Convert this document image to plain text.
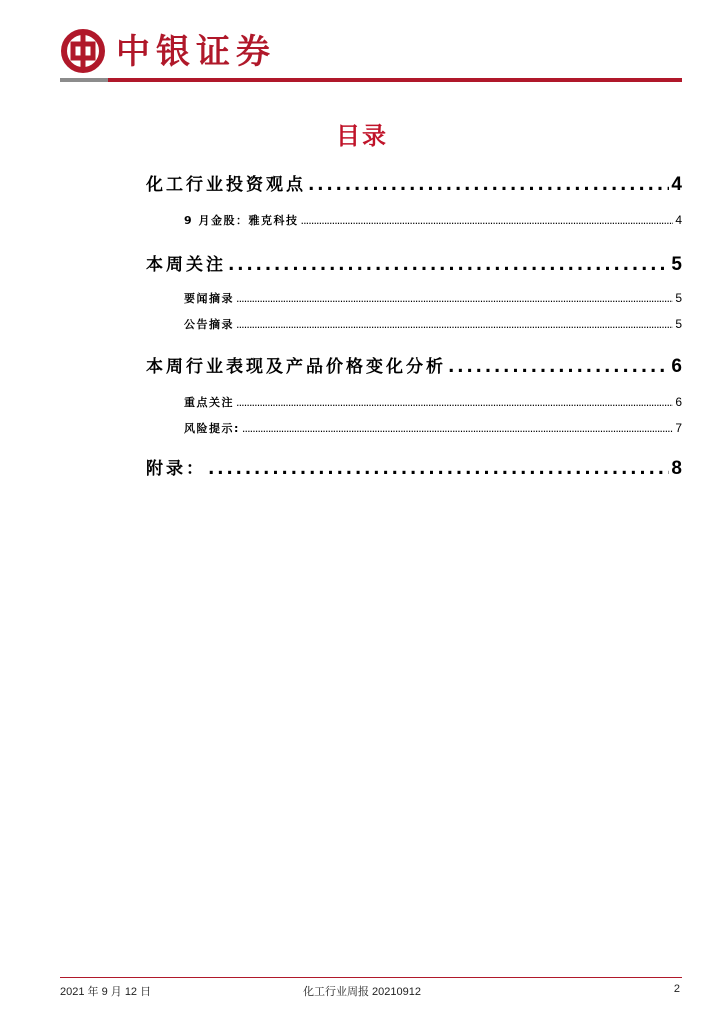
中银证券
目录
化工行业投资观点 . . .	4
9 月金股：雅克科技 . . .	4
本周关注 . . .	5
要闻摘录 . . .	5
公告摘录 . . .	5
本周行业表现及产品价格变化分析 . . .	6
重点关注 . . .	6
风险提示: . . .	7
附录： . . .	8
2021 年 9 月 12 日	化工行业周报 20210912	2
